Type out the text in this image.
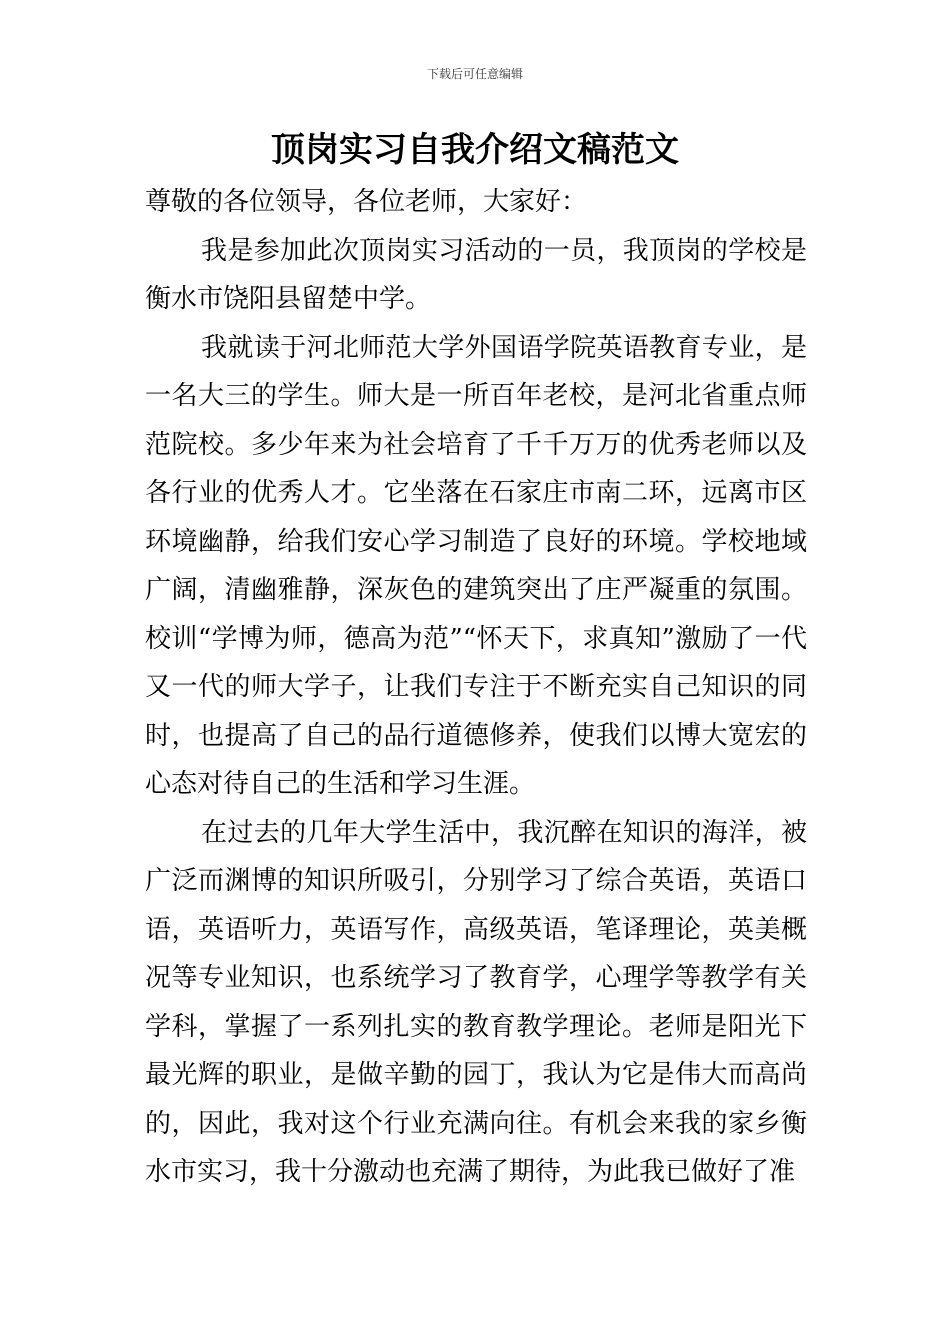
下载后可任意编辑
顶岗实习自我介绍文稿范文

尊敬的各位领导，各位老师，大家好：

我是参加此次顶岗实习活动的一员，我顶岗的学校是衡水市饶阳县留楚中学。

我就读于河北师范大学外国语学院英语教育专业，是一名大三的学生。师大是一所百年老校，是河北省重点师范院校。多少年来为社会培育了千千万万的优秀老师以及各行业的优秀人才。它坐落在石家庄市南二环，远离市区环境幽静，给我们安心学习制造了良好的环境。学校地域广阔，清幽雅静，深灰色的建筑突出了庄严凝重的氛围。校训“学博为师，德高为范”“怀天下，求真知”激励了一代又一代的师大学子，让我们专注于不断充实自己知识的同时，也提高了自己的品行道德修养，使我们以博大宽宏的心态对待自己的生活和学习生涯。

在过去的几年大学生活中，我沉醉在知识的海洋，被广泛而渊博的知识所吸引，分别学习了综合英语，英语口语，英语听力，英语写作，高级英语，笔译理论，英美概况等专业知识，也系统学习了教育学，心理学等教学有关学科，掌握了一系列扎实的教育教学理论。老师是阳光下最光辉的职业，是做辛勤的园丁，我认为它是伟大而高尚的，因此，我对这个行业充满向往。有机会来我的家乡衡水市实习，我十分激动也充满了期待，为此我已做好了准
